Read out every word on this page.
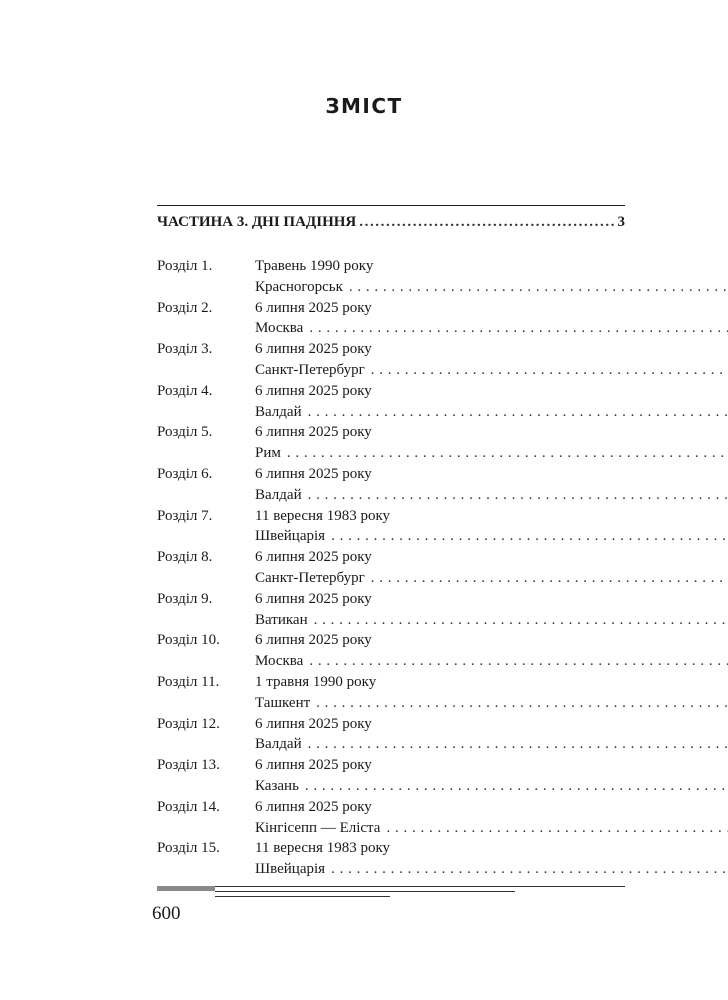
ЗМІСТ
ЧАСТИНА 3. ДНІ ПАДІННЯ
.....	3
Розділ 1.	Травень 1990 року
Красногорськ
. . .
Розділ 2.	6 липня 2025 року
Москва
. . .
Розділ 3.	6 липня 2025 року
Санкт-Петербург
. . .
Розділ 4.	6 липня 2025 року
Валдай
. . .
Розділ 5.	6 липня 2025 року
Рим
. . .
Розділ 6.	6 липня 2025 року
Валдай
. . .
Розділ 7.	11 вересня 1983 року
Швейцарія
. . .
Розділ 8.	6 липня 2025 року
Санкт-Петербург
. . .
Розділ 9.	6 липня 2025 року
Ватикан
. . .
Розділ 10.	6 липня 2025 року
Москва
. . .
Розділ 11.	1 травня 1990 року
Ташкент
. . .
Розділ 12.	6 липня 2025 року
Валдай
. . .
Розділ 13.	6 липня 2025 року
Казань
. . .
Розділ 14.	6 липня 2025 року
Кінгісепп — Еліста
. . .
Розділ 15.	11 вересня 1983 року
Швейцарія
. . .
600
